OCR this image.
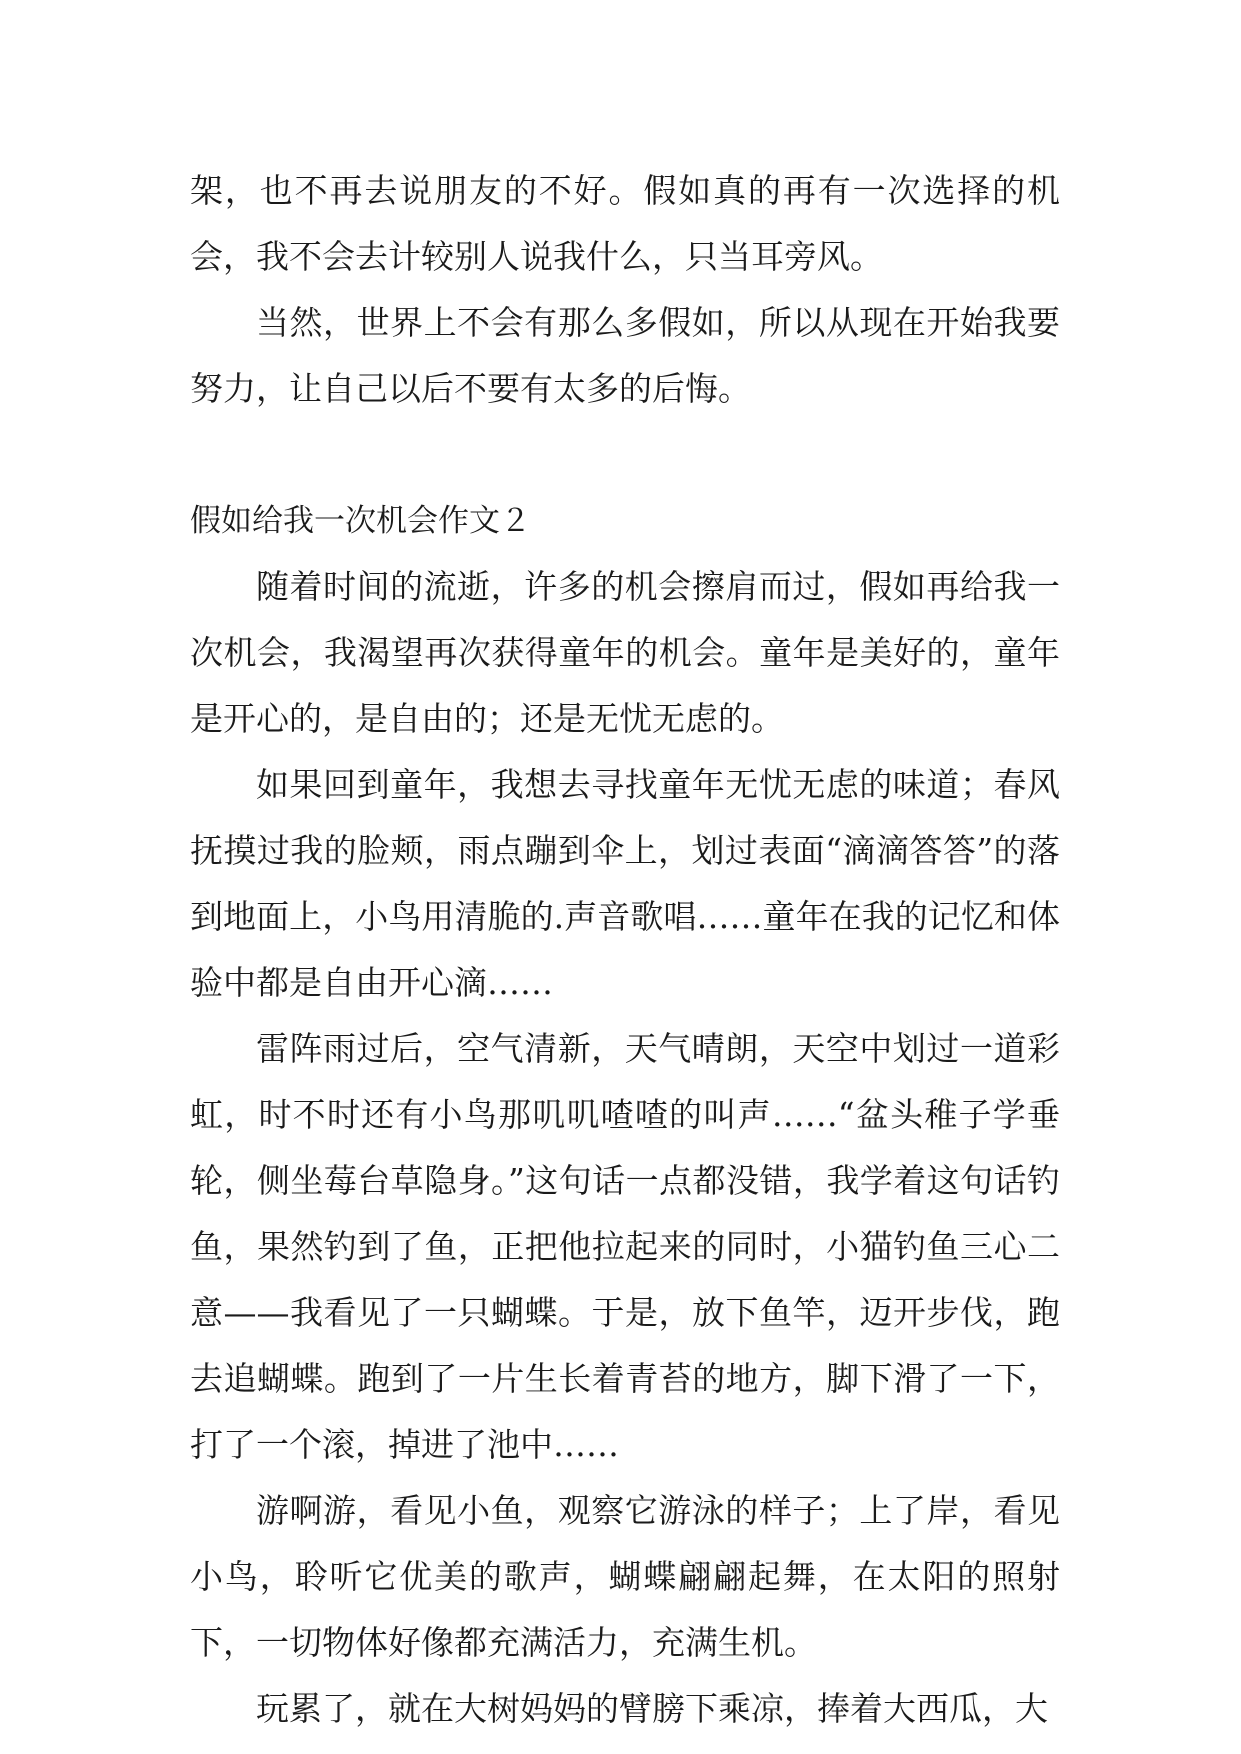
架，也不再去说朋友的不好。假如真的再有一次选择的机会，我不会去计较别人说我什么，只当耳旁风。

当然，世界上不会有那么多假如，所以从现在开始我要努力，让自己以后不要有太多的后悔。

假如给我一次机会作文２

随着时间的流逝，许多的机会擦肩而过，假如再给我一次机会，我渴望再次获得童年的机会。童年是美好的，童年是开心的，是自由的；还是无忧无虑的。

如果回到童年，我想去寻找童年无忧无虑的味道；春风抚摸过我的脸颊，雨点蹦到伞上，划过表面“滴滴答答”的落到地面上，小鸟用清脆的.声音歌唱……童年在我的记忆和体验中都是自由开心滴……

雷阵雨过后，空气清新，天气晴朗，天空中划过一道彩虹，时不时还有小鸟那叽叽喳喳的叫声……“盆头稚子学垂轮，侧坐莓台草隐身。”这句话一点都没错，我学着这句话钓鱼，果然钓到了鱼，正把他拉起来的同时，小猫钓鱼三心二意——我看见了一只蝴蝶。于是，放下鱼竿，迈开步伐，跑去追蝴蝶。跑到了一片生长着青苔的地方，脚下滑了一下，打了一个滚，掉进了池中……

游啊游，看见小鱼，观察它游泳的样子；上了岸，看见小鸟，聆听它优美的歌声，蝴蝶翩翩起舞，在太阳的照射下，一切物体好像都充满活力，充满生机。

玩累了，就在大树妈妈的臂膀下乘凉，捧着大西瓜，大
